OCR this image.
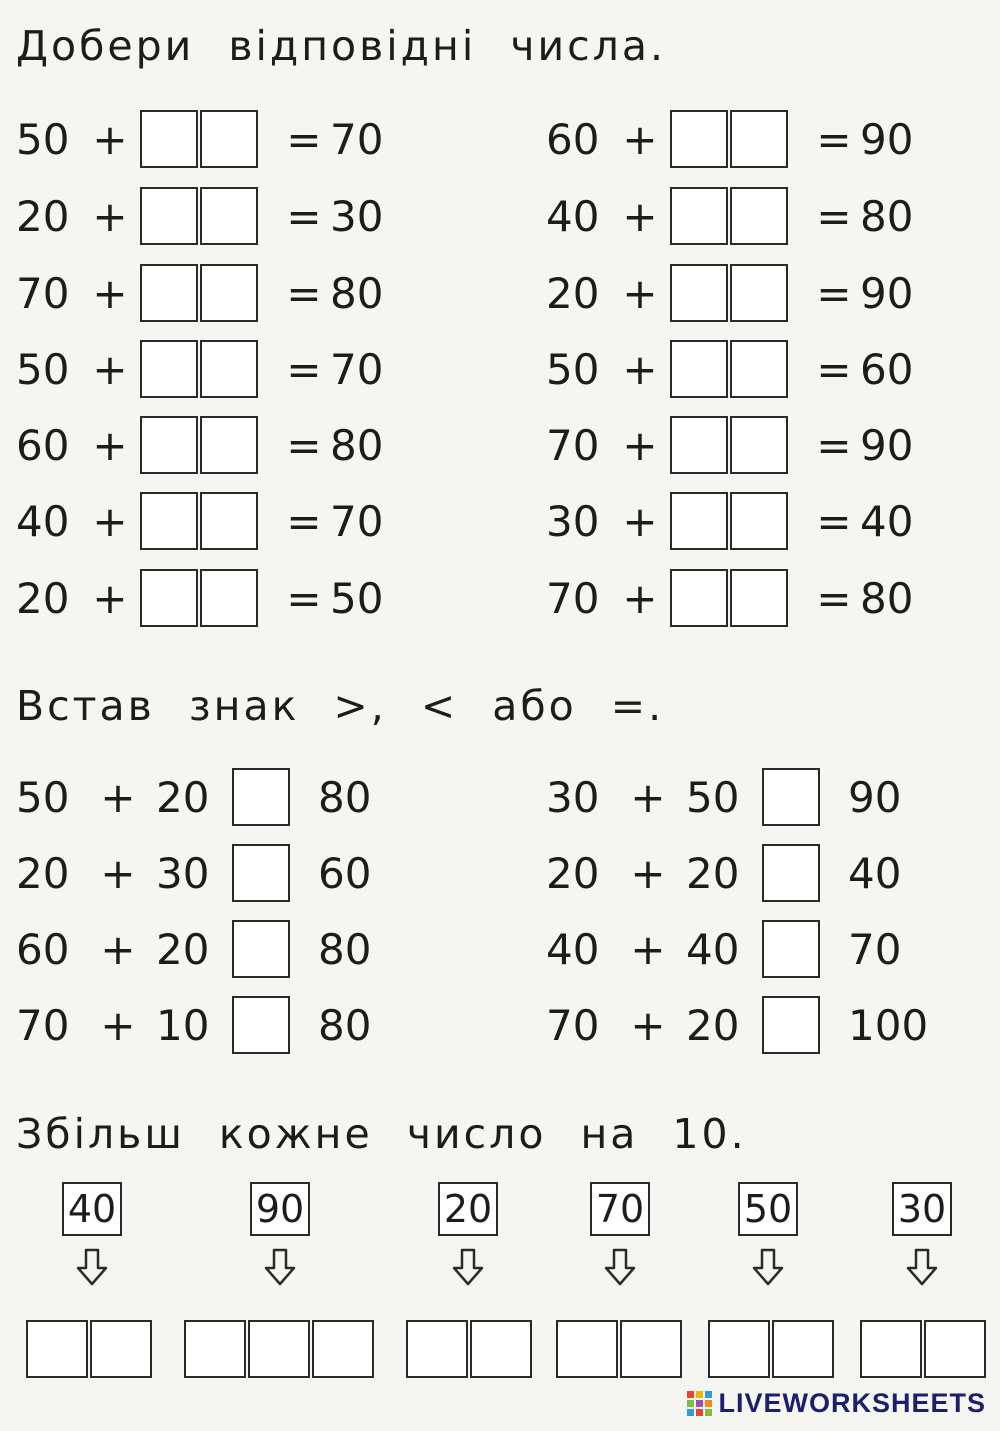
Добери відповідні числа.
50 +	= 70
20 +	= 30
70 +	= 80
50 +	= 70
60 +	= 80
40 +	= 70
20 +	= 50
60 +	= 90
40 +	= 80
20 +	= 90
50 +	= 60
70 +	= 90
30 +	= 40
70 +	= 80
Встав знак >, < або =.
50 + 20	80
20 + 30	60
60 + 20	80
70 + 10	80
30 + 50	90
20 + 20	40
40 + 40	70
70 + 20	100
Збільш кожне число на 10.
40	90	20	70	50	30
LIVEWORKSHEETS
